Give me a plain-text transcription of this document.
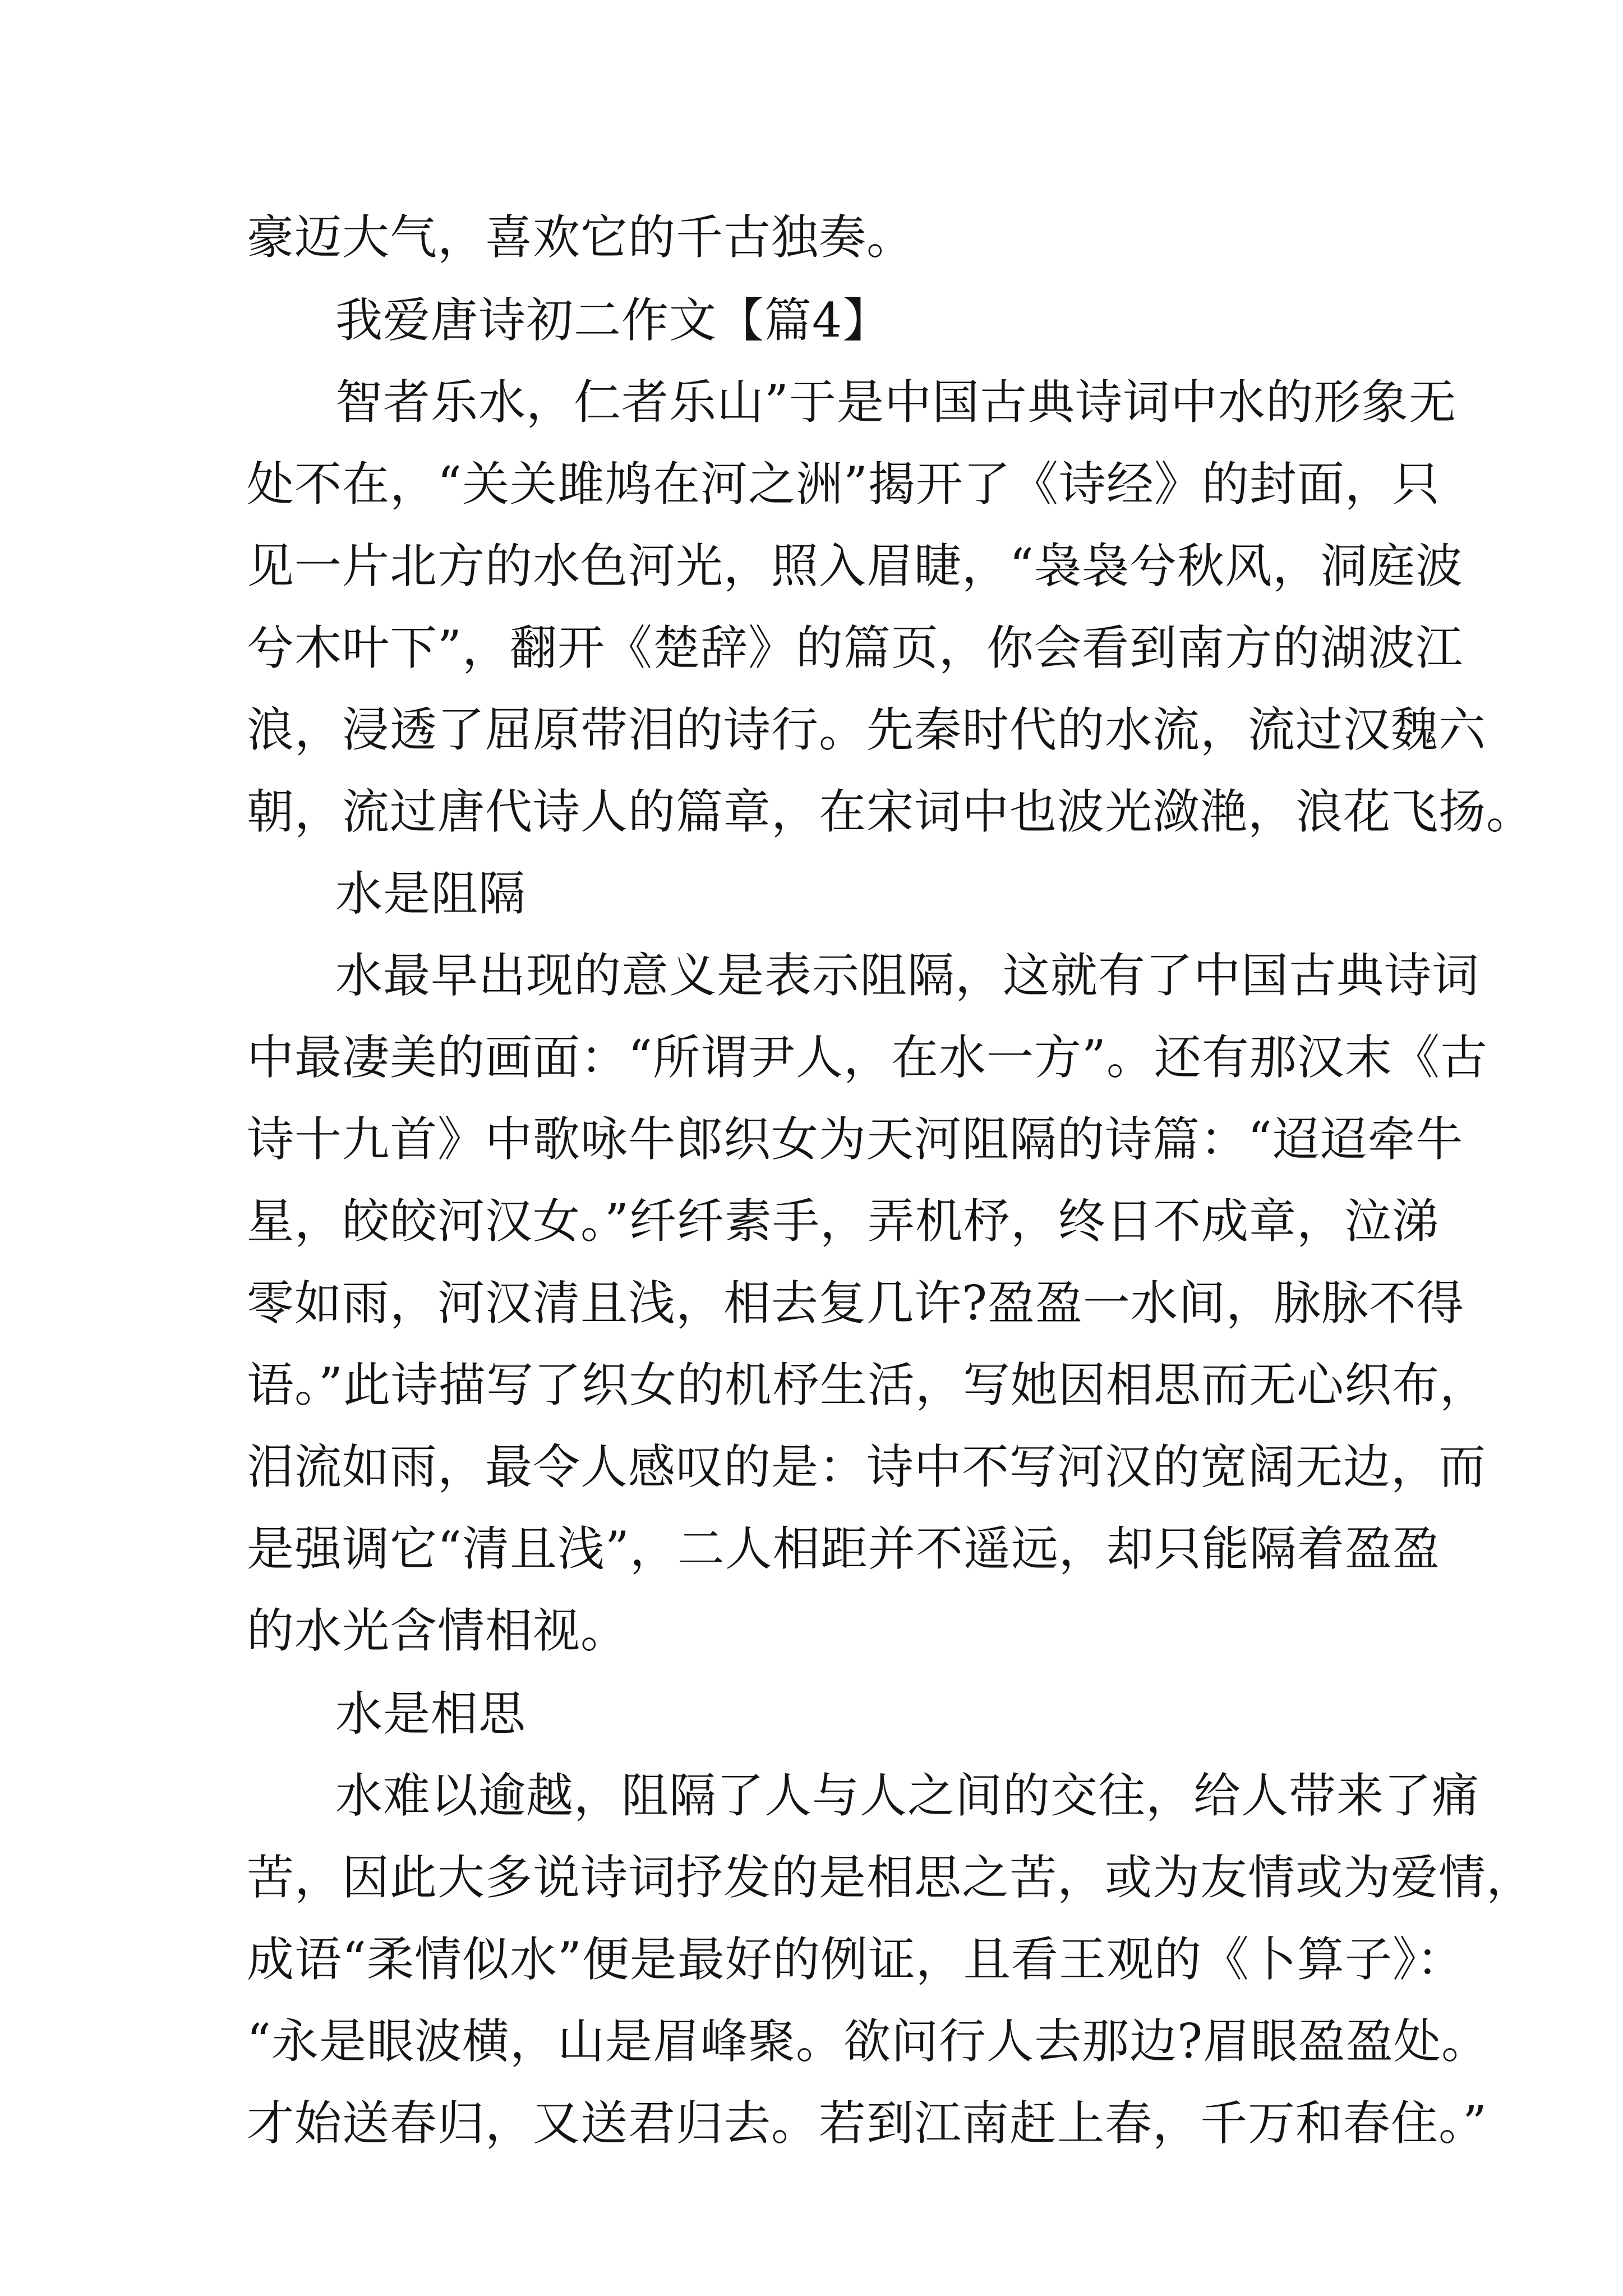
豪迈大气，喜欢它的千古独奏。
我爱唐诗初二作文【篇4】
智者乐水，仁者乐山”于是中国古典诗词中水的形象无
处不在，“关关雎鸠在河之洲”揭开了《诗经》的封面，只
见一片北方的水色河光，照入眉睫，“袅袅兮秋风，洞庭波
兮木叶下”，翻开《楚辞》的篇页，你会看到南方的湖波江
浪，浸透了屈原带泪的诗行。先秦时代的水流，流过汉魏六
朝，流过唐代诗人的篇章，在宋词中也波光潋滟，浪花飞扬。
水是阻隔
水最早出现的意义是表示阻隔，这就有了中国古典诗词
中最凄美的画面：“所谓尹人，在水一方”。还有那汉末《古
诗十九首》中歌咏牛郎织女为天河阻隔的诗篇：“迢迢牵牛
星，皎皎河汉女。”纤纤素手，弄机杼，终日不成章，泣涕
零如雨，河汉清且浅，相去复几许?盈盈一水间，脉脉不得
语。”此诗描写了织女的机杼生活，写她因相思而无心织布，
泪流如雨，最令人感叹的是：诗中不写河汉的宽阔无边，而
是强调它“清且浅”，二人相距并不遥远，却只能隔着盈盈
的水光含情相视。
水是相思
水难以逾越，阻隔了人与人之间的交往，给人带来了痛
苦，因此大多说诗词抒发的是相思之苦，或为友情或为爱情，
成语“柔情似水”便是最好的例证，且看王观的《卜算子》：
“永是眼波横，山是眉峰聚。欲问行人去那边?眉眼盈盈处。
才始送春归，又送君归去。若到江南赶上春，千万和春住。”
